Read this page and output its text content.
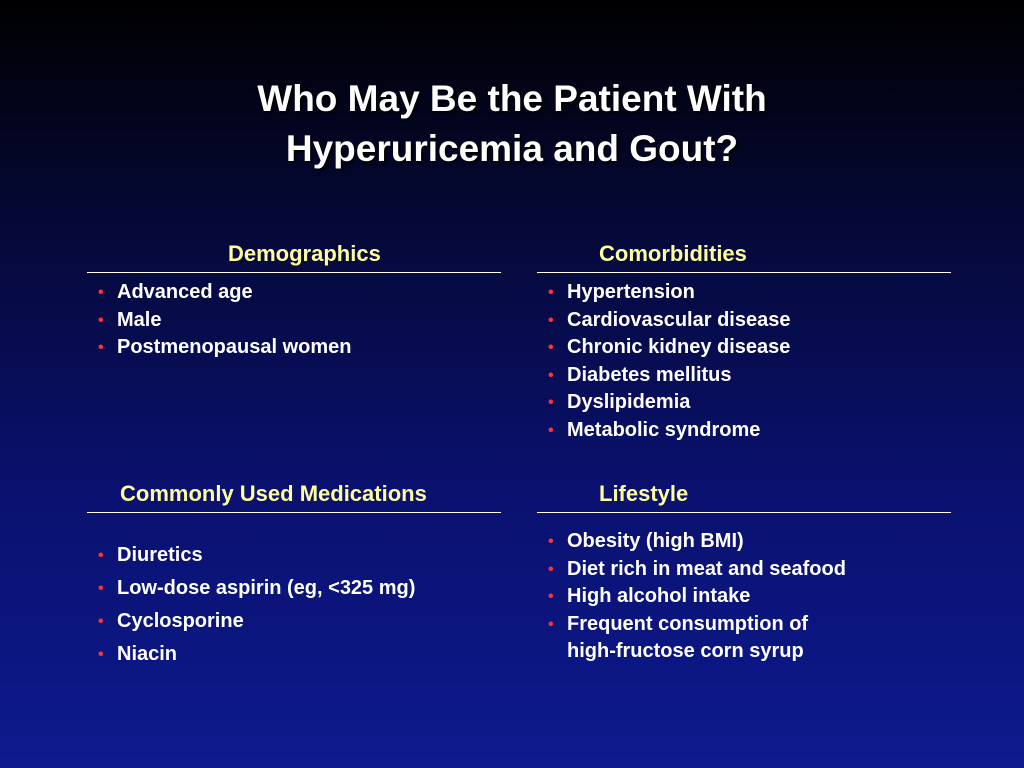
Who May Be the Patient With
Hyperuricemia and Gout?
Demographics
• Advanced age
• Male
• Postmenopausal women
Comorbidities
• Hypertension
• Cardiovascular disease
• Chronic kidney disease
• Diabetes mellitus
• Dyslipidemia
• Metabolic syndrome
Commonly Used Medications
• Diuretics
• Low-dose aspirin (eg, <325 mg)
• Cyclosporine
• Niacin
Lifestyle
• Obesity (high BMI)
• Diet rich in meat and seafood
• High alcohol intake
• Frequent consumption of
high-fructose corn syrup
